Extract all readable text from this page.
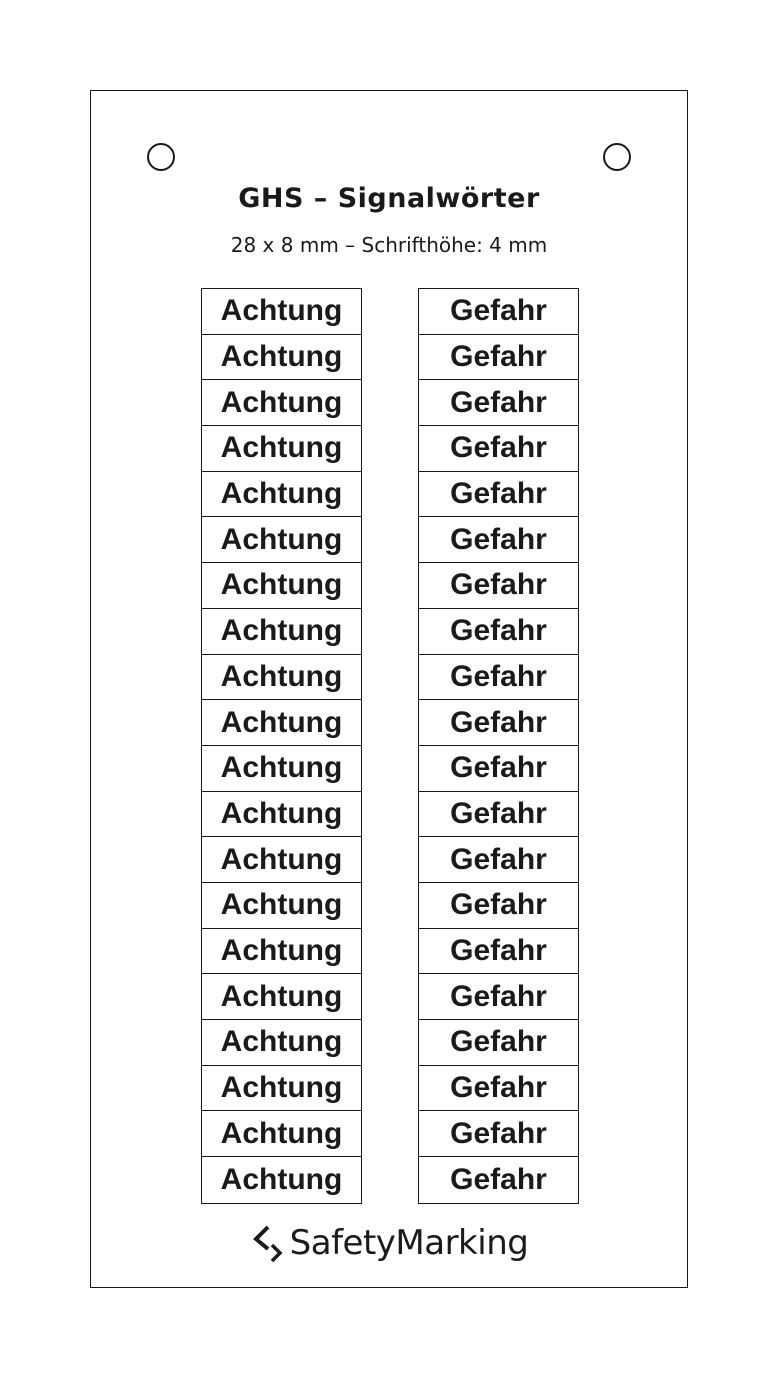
GHS – Signalwörter
28 x 8 mm – Schrifthöhe: 4 mm
Achtung
Achtung
Achtung
Achtung
Achtung
Achtung
Achtung
Achtung
Achtung
Achtung
Achtung
Achtung
Achtung
Achtung
Achtung
Achtung
Achtung
Achtung
Achtung
Achtung
Gefahr
Gefahr
Gefahr
Gefahr
Gefahr
Gefahr
Gefahr
Gefahr
Gefahr
Gefahr
Gefahr
Gefahr
Gefahr
Gefahr
Gefahr
Gefahr
Gefahr
Gefahr
Gefahr
Gefahr
SafetyMarking
